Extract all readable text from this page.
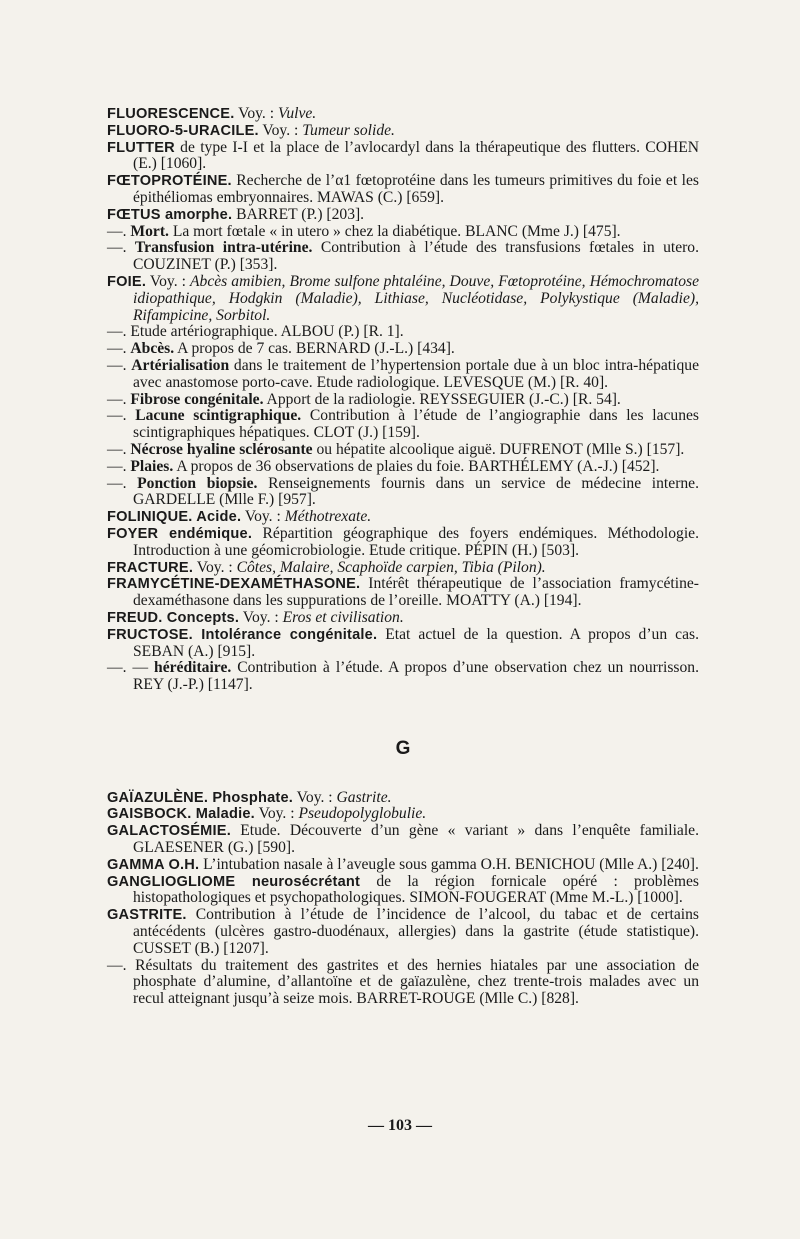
FLUORESCENCE. Voy. : Vulve.
FLUORO-5-URACILE. Voy. : Tumeur solide.
FLUTTER de type I-I et la place de l’avlocardyl dans la thérapeutique des flutters. COHEN (E.) [1060].
FŒTOPROTÉINE. Recherche de l’α1 fœtoprotéine dans les tumeurs primitives du foie et les épithéliomas embryonnaires. MAWAS (C.) [659].
FŒTUS amorphe. BARRET (P.) [203].
—. Mort. La mort fœtale « in utero » chez la diabétique. BLANC (Mme J.) [475].
—. Transfusion intra-utérine. Contribution à l’étude des transfusions fœtales in utero. COUZINET (P.) [353].
FOIE. Voy. : Abcès amibien, Brome sulfone phtaléine, Douve, Fœtoprotéine, Hémochromatose idiopathique, Hodgkin (Maladie), Lithiase, Nucléotidase, Polykystique (Maladie), Rifampicine, Sorbitol.
—. Etude artériographique. ALBOU (P.) [R. 1].
—. Abcès. A propos de 7 cas. BERNARD (J.-L.) [434].
—. Artérialisation dans le traitement de l’hypertension portale due à un bloc intra-hépatique avec anastomose porto-cave. Etude radiologique. LEVESQUE (M.) [R. 40].
—. Fibrose congénitale. Apport de la radiologie. REYSSEGUIER (J.-C.) [R. 54].
—. Lacune scintigraphique. Contribution à l’étude de l’angiographie dans les lacunes scintigraphiques hépatiques. CLOT (J.) [159].
—. Nécrose hyaline sclérosante ou hépatite alcoolique aiguë. DUFRENOT (Mlle S.) [157].
—. Plaies. A propos de 36 observations de plaies du foie. BARTHÉLEMY (A.-J.) [452].
—. Ponction biopsie. Renseignements fournis dans un service de médecine interne. GARDELLE (Mlle F.) [957].
FOLINIQUE. Acide. Voy. : Méthotrexate.
FOYER endémique. Répartition géographique des foyers endémiques. Méthodologie. Introduction à une géomicrobiologie. Etude critique. PÉPIN (H.) [503].
FRACTURE. Voy. : Côtes, Malaire, Scaphoïde carpien, Tibia (Pilon).
FRAMYCÉTINE-DEXAMÉTHASONE. Intérêt thérapeutique de l’association framycétine-dexaméthasone dans les suppurations de l’oreille. MOATTY (A.) [194].
FREUD. Concepts. Voy. : Eros et civilisation.
FRUCTOSE. Intolérance congénitale. Etat actuel de la question. A propos d’un cas. SEBAN (A.) [915].
—. — héréditaire. Contribution à l’étude. A propos d’une observation chez un nourrisson. REY (J.-P.) [1147].
G
GAÏAZULÈNE. Phosphate. Voy. : Gastrite.
GAISBOCK. Maladie. Voy. : Pseudopolyglobulie.
GALACTOSÉMIE. Etude. Découverte d’un gène « variant » dans l’enquête familiale. GLAESENER (G.) [590].
GAMMA O.H. L’intubation nasale à l’aveugle sous gamma O.H. BENICHOU (Mlle A.) [240].
GANGLIOGLIOME neurosécrétant de la région fornicale opéré : problèmes histopathologiques et psychopathologiques. SIMON-FOUGERAT (Mme M.-L.) [1000].
GASTRITE. Contribution à l’étude de l’incidence de l’alcool, du tabac et de certains antécédents (ulcères gastro-duodénaux, allergies) dans la gastrite (étude statistique). CUSSET (B.) [1207].
—. Résultats du traitement des gastrites et des hernies hiatales par une association de phosphate d’alumine, d’allantoïne et de gaïazulène, chez trente-trois malades avec un recul atteignant jusqu’à seize mois. BARRET-ROUGE (Mlle C.) [828].
— 103 —
